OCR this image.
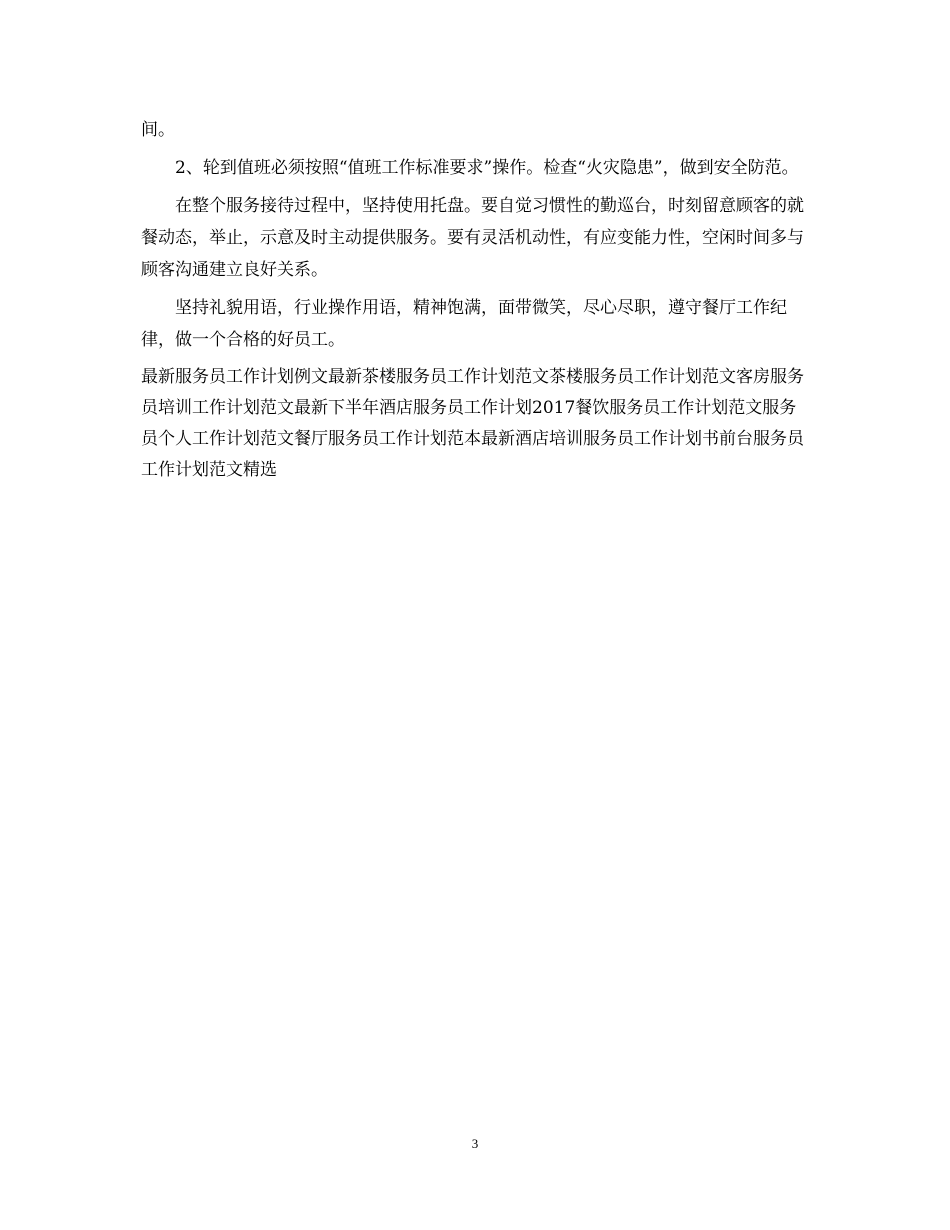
间。

2、轮到值班必须按照“值班工作标准要求”操作。检查“火灾隐患”，做到安全防范。

在整个服务接待过程中，坚持使用托盘。要自觉习惯性的勤巡台，时刻留意顾客的就餐动态，举止，示意及时主动提供服务。要有灵活机动性，有应变能力性，空闲时间多与顾客沟通建立良好关系。

坚持礼貌用语，行业操作用语，精神饱满，面带微笑，尽心尽职，遵守餐厅工作纪律，做一个合格的好员工。

最新服务员工作计划例文最新茶楼服务员工作计划范文茶楼服务员工作计划范文客房服务员培训工作计划范文最新下半年酒店服务员工作计划2017餐饮服务员工作计划范文服务员个人工作计划范文餐厅服务员工作计划范本最新酒店培训服务员工作计划书前台服务员工作计划范文精选

3
